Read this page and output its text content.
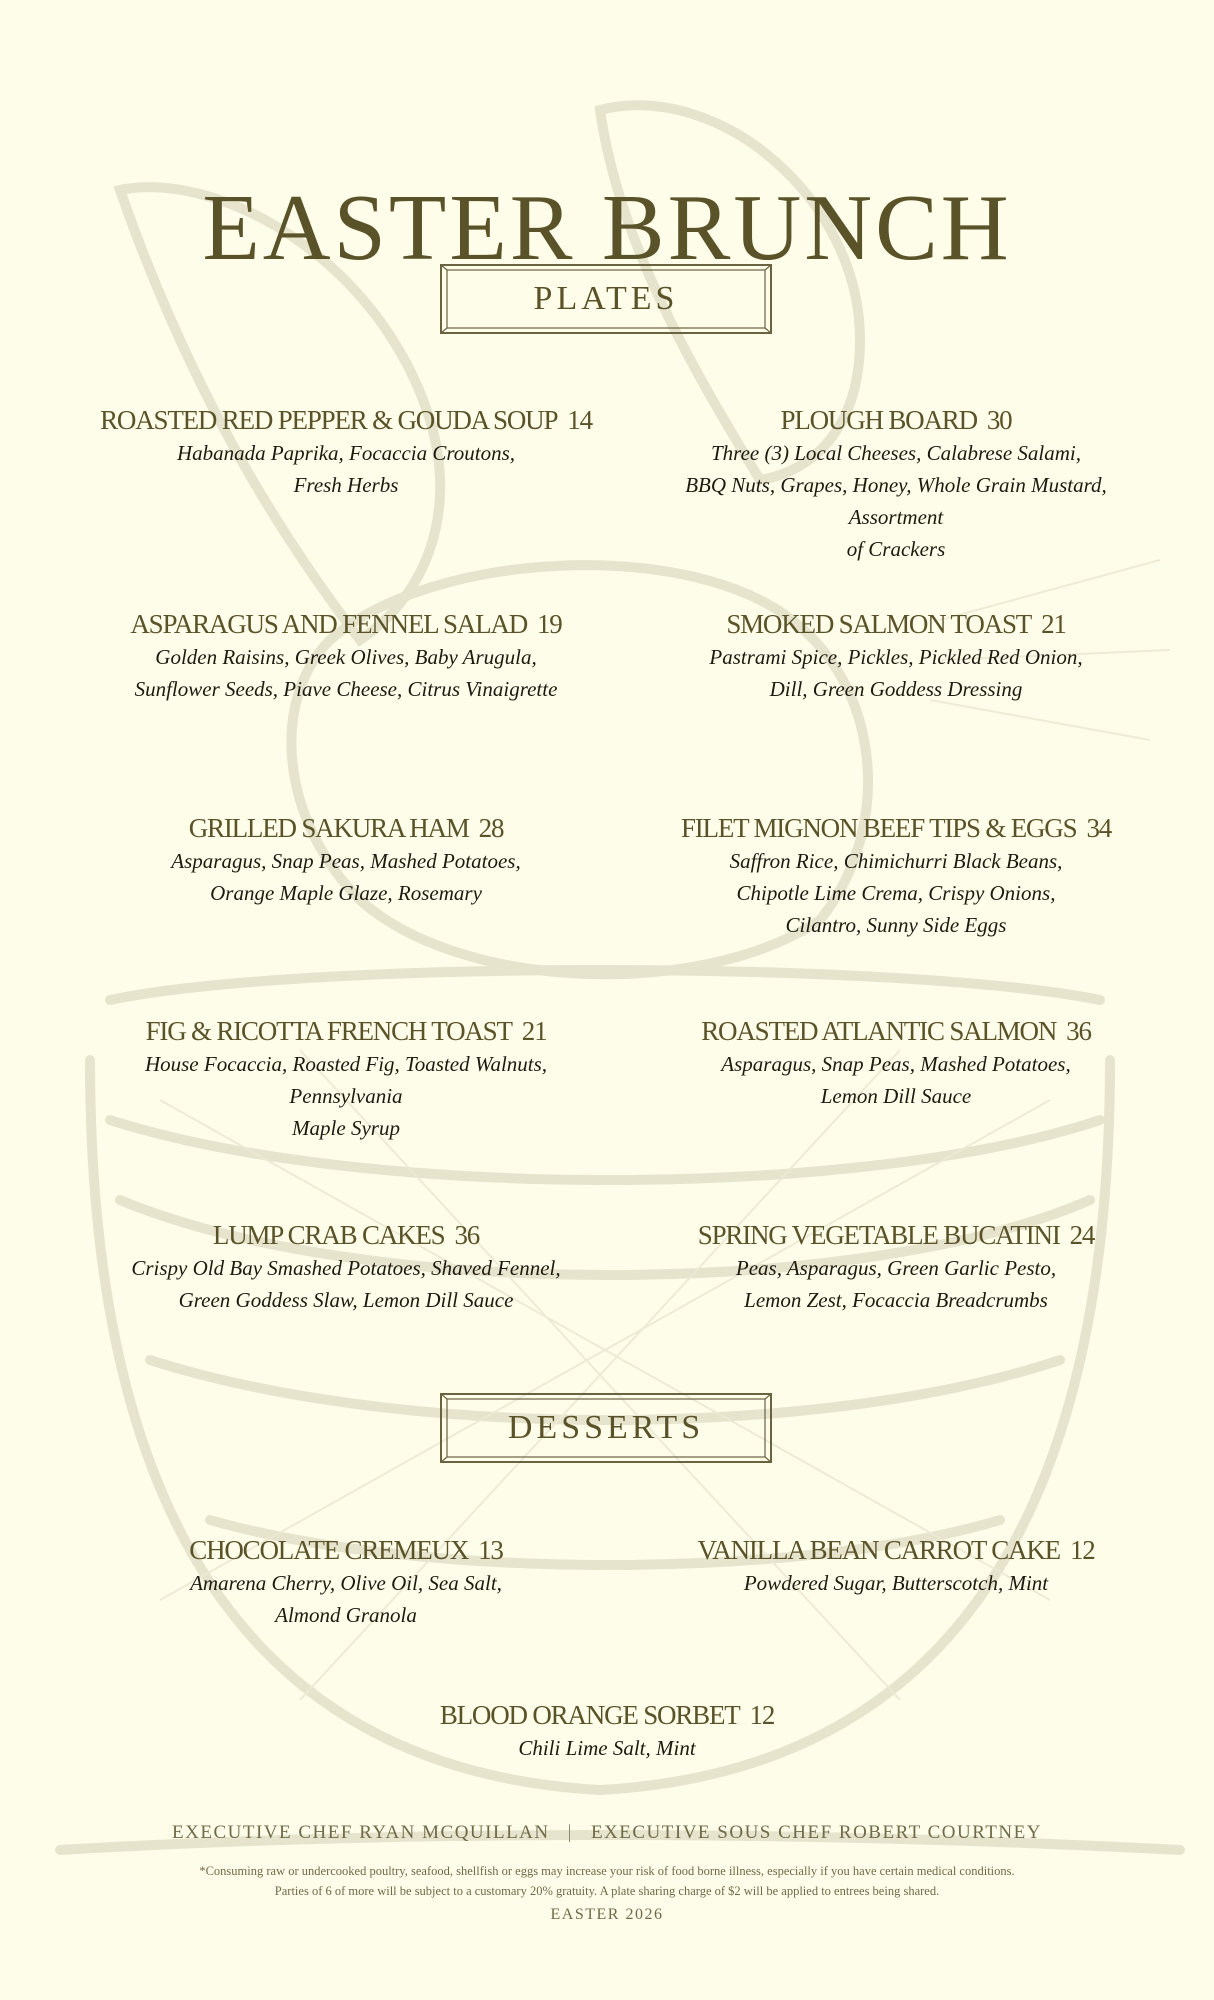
EASTER BRUNCH
PLATES
ROASTED RED PEPPER & GOUDA SOUP 14
Habanada Paprika, Focaccia Croutons,
Fresh Herbs
PLOUGH BOARD 30
Three (3) Local Cheeses, Calabrese Salami,
BBQ Nuts, Grapes, Honey, Whole Grain Mustard,
Assortment
of Crackers
ASPARAGUS AND FENNEL SALAD 19
Golden Raisins, Greek Olives, Baby Arugula,
Sunflower Seeds, Piave Cheese, Citrus Vinaigrette
SMOKED SALMON TOAST 21
Pastrami Spice, Pickles, Pickled Red Onion,
Dill, Green Goddess Dressing
GRILLED SAKURA HAM 28
Asparagus, Snap Peas, Mashed Potatoes,
Orange Maple Glaze, Rosemary
FILET MIGNON BEEF TIPS & EGGS 34
Saffron Rice, Chimichurri Black Beans,
Chipotle Lime Crema, Crispy Onions,
Cilantro, Sunny Side Eggs
FIG & RICOTTA FRENCH TOAST 21
House Focaccia, Roasted Fig, Toasted Walnuts,
Pennsylvania
Maple Syrup
ROASTED ATLANTIC SALMON 36
Asparagus, Snap Peas, Mashed Potatoes,
Lemon Dill Sauce
LUMP CRAB CAKES 36
Crispy Old Bay Smashed Potatoes, Shaved Fennel,
Green Goddess Slaw, Lemon Dill Sauce
SPRING VEGETABLE BUCATINI 24
Peas, Asparagus, Green Garlic Pesto,
Lemon Zest, Focaccia Breadcrumbs
DESSERTS
CHOCOLATE CREMEUX 13
Amarena Cherry, Olive Oil, Sea Salt,
Almond Granola
VANILLA BEAN CARROT CAKE 12
Powdered Sugar, Butterscotch, Mint
BLOOD ORANGE SORBET 12
Chili Lime Salt, Mint
EXECUTIVE CHEF RYAN MCQUILLAN | EXECUTIVE SOUS CHEF ROBERT COURTNEY
*Consuming raw or undercooked poultry, seafood, shellfish or eggs may increase your risk of food borne illness, especially if you have certain medical conditions.
Parties of 6 of more will be subject to a customary 20% gratuity. A plate sharing charge of $2 will be applied to entrees being shared.
EASTER 2026
